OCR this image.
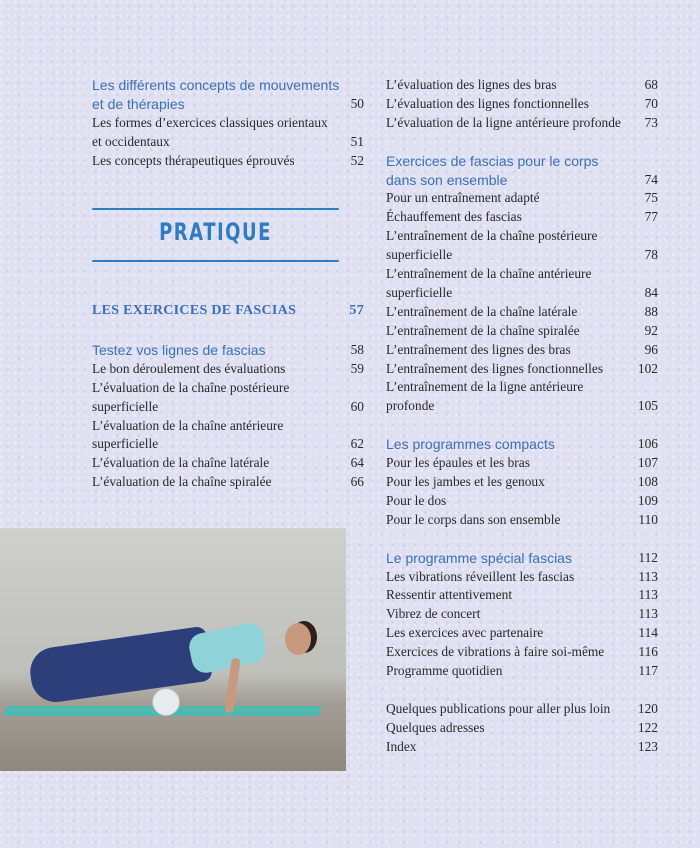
Les différents concepts de mouvements
et de thérapies	50
Les formes d’exercices classiques orientaux
et occidentaux	51
Les concepts thérapeutiques éprouvés	52
PRATIQUE
LES EXERCICES DE FASCIAS	57
Testez vos lignes de fascias	58
Le bon déroulement des évaluations	59
L’évaluation de la chaîne postérieure
superficielle	60
L’évaluation de la chaîne antérieure
superficielle	62
L’évaluation de la chaîne latérale	64
L’évaluation de la chaîne spiralée	66
L’évaluation des lignes des bras	68
L’évaluation des lignes fonctionnelles	70
L’évaluation de la ligne antérieure profonde	73
Exercices de fascias pour le corps
dans son ensemble	74
Pour un entraînement adapté	75
Échauffement des fascias	77
L’entraînement de la chaîne postérieure
superficielle	78
L’entraînement de la chaîne antérieure
superficielle	84
L’entraînement de la chaîne latérale	88
L’entraînement de la chaîne spiralée	92
L’entraînement des lignes des bras	96
L’entraînement des lignes fonctionnelles	102
L’entraînement de la ligne antérieure
profonde	105
Les programmes compacts	106
Pour les épaules et les bras	107
Pour les jambes et les genoux	108
Pour le dos	109
Pour le corps dans son ensemble	110
Le programme spécial fascias	112
Les vibrations réveillent les fascias	113
Ressentir attentivement	113
Vibrez de concert	113
Les exercices avec partenaire	114
Exercices de vibrations à faire soi-même	116
Programme quotidien	117
Quelques publications pour aller plus loin	120
Quelques adresses	122
Index	123
